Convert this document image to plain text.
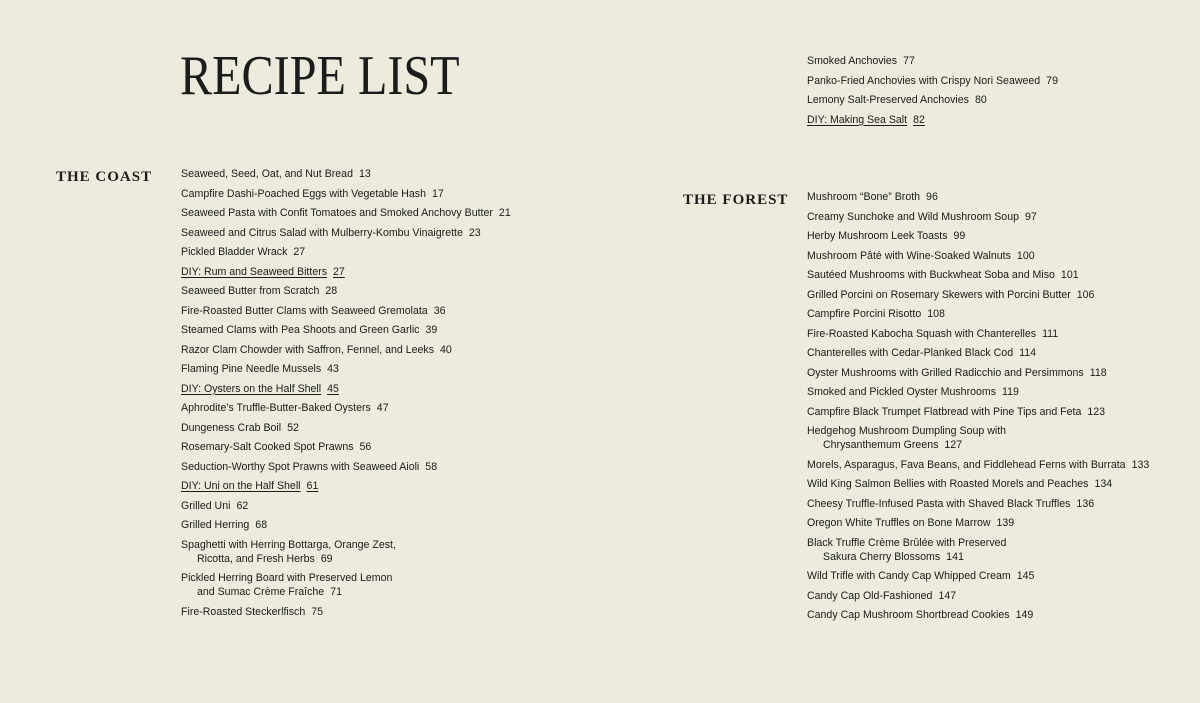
RECIPE LIST
THE COAST	Seaweed, Seed, Oat, and Nut Bread 13
Campfire Dashi-Poached Eggs with Vegetable Hash 17
Seaweed Pasta with Confit Tomatoes and Smoked Anchovy Butter 21
Seaweed and Citrus Salad with Mulberry-Kombu Vinaigrette 23
Pickled Bladder Wrack 27
DIY: Rum and Seaweed Bitters 27
Seaweed Butter from Scratch 28
Fire-Roasted Butter Clams with Seaweed Gremolata 36
Steamed Clams with Pea Shoots and Green Garlic 39
Razor Clam Chowder with Saffron, Fennel, and Leeks 40
Flaming Pine Needle Mussels 43
DIY: Oysters on the Half Shell 45
Aphrodite’s Truffle-Butter-Baked Oysters 47
Dungeness Crab Boil 52
Rosemary-Salt Cooked Spot Prawns 56
Seduction-Worthy Spot Prawns with Seaweed Aioli 58
DIY: Uni on the Half Shell 61
Grilled Uni 62
Grilled Herring 68
Spaghetti with Herring Bottarga, Orange Zest,
Ricotta, and Fresh Herbs 69
Pickled Herring Board with Preserved Lemon
and Sumac Crème Fraîche 71
Fire-Roasted Steckerlfisch 75
Smoked Anchovies 77
Panko-Fried Anchovies with Crispy Nori Seaweed 79
Lemony Salt-Preserved Anchovies 80
DIY: Making Sea Salt 82
THE FOREST Mushroom “Bone” Broth 96
Creamy Sunchoke and Wild Mushroom Soup 97
Herby Mushroom Leek Toasts 99
Mushroom Pâté with Wine-Soaked Walnuts 100
Sautéed Mushrooms with Buckwheat Soba and Miso 101
Grilled Porcini on Rosemary Skewers with Porcini Butter 106
Campfire Porcini Risotto 108
Fire-Roasted Kabocha Squash with Chanterelles 111
Chanterelles with Cedar-Planked Black Cod 114
Oyster Mushrooms with Grilled Radicchio and Persimmons 118
Smoked and Pickled Oyster Mushrooms 119
Campfire Black Trumpet Flatbread with Pine Tips and Feta 123
Hedgehog Mushroom Dumpling Soup with
Chrysanthemum Greens 127
Morels, Asparagus, Fava Beans, and Fiddlehead Ferns with Burrata 133
Wild King Salmon Bellies with Roasted Morels and Peaches 134
Cheesy Truffle-Infused Pasta with Shaved Black Truffles 136
Oregon White Truffles on Bone Marrow 139
Black Truffle Crème Brûlée with Preserved
Sakura Cherry Blossoms 141
Wild Trifle with Candy Cap Whipped Cream 145
Candy Cap Old-Fashioned 147
Candy Cap Mushroom Shortbread Cookies 149
